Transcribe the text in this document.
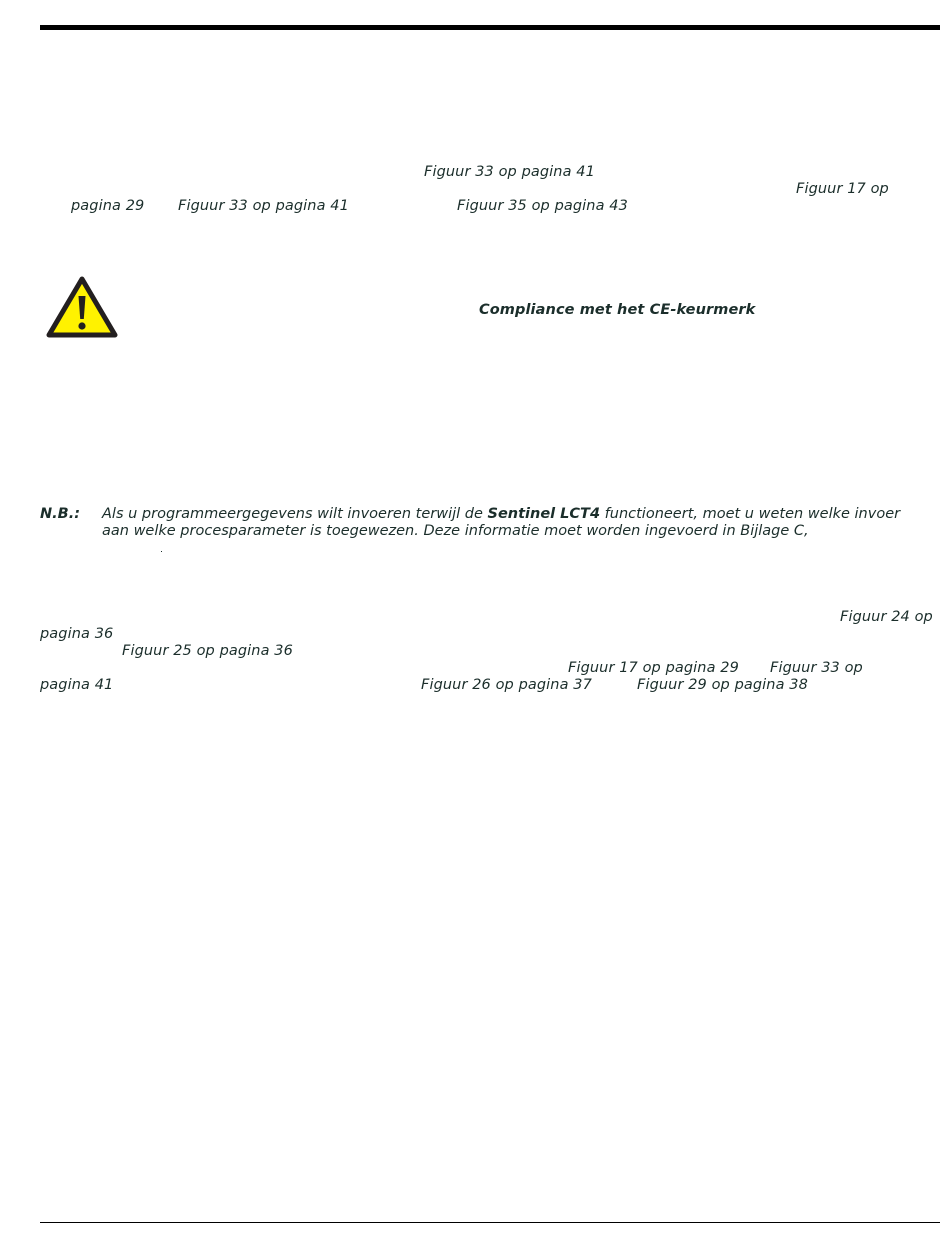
Figuur 33 op pagina 41
Figuur 17 op
pagina 29 Figuur 33 op pagina 41	Figuur 35 op pagina 43
Compliance met het CE-keurmerk
N.B.: Als u programmeergegevens wilt invoeren terwijl de Sentinel LCT4 functioneert, moet u weten welke invoer
aan welke procesparameter is toegewezen. Deze informatie moet worden ingevoerd in Bijlage C,
Figuur 24 op
pagina 36
Figuur 25 op pagina 36
Figuur 17 op pagina 29 Figuur 33 op
pagina 41	Figuur 26 op pagina 37	Figuur 29 op pagina 38
